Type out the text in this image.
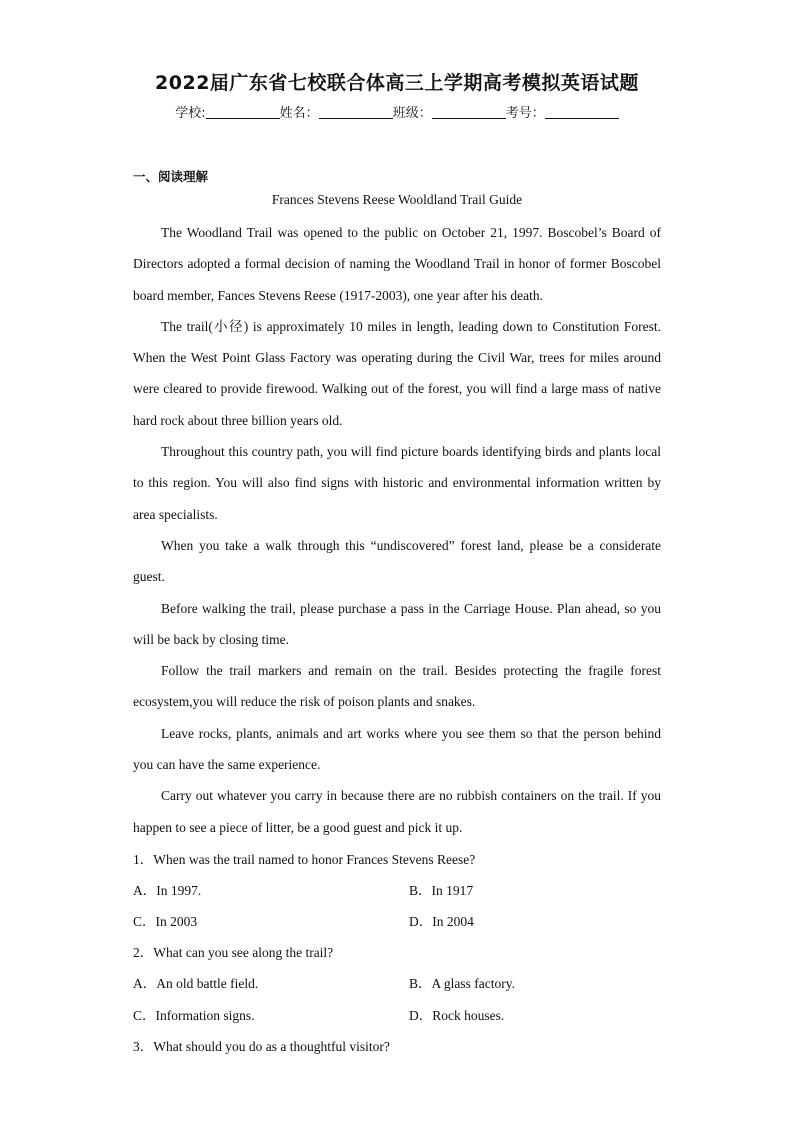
2022届广东省七校联合体高三上学期高考模拟英语试题
学校:	姓名：	班级：	考号：
一、阅读理解
Frances Stevens Reese Wooldland Trail Guide

The Woodland Trail was opened to the public on October 21, 1997. Boscobel’s Board of Directors adopted a formal decision of naming the Woodland Trail in honor of former Boscobel board member, Fances Stevens Reese (1917-2003), one year after his death.

The trail(小径) is approximately 10 miles in length, leading down to Constitution Forest. When the West Point Glass Factory was operating during the Civil War, trees for miles around were cleared to provide firewood. Walking out of the forest, you will find a large mass of native hard rock about three billion years old.

Throughout this country path, you will find picture boards identifying birds and plants local to this region. You will also find signs with historic and environmental information written by area specialists.

When you take a walk through this “undiscovered” forest land, please be a considerate guest.

Before walking the trail, please purchase a pass in the Carriage House. Plan ahead, so you will be back by closing time.

Follow the trail markers and remain on the trail. Besides protecting the fragile forest ecosystem,you will reduce the risk of poison plants and snakes.

Leave rocks, plants, animals and art works where you see them so that the person behind you can have the same experience.

Carry out whatever you carry in because there are no rubbish containers on the trail. If you happen to see a piece of litter, be a good guest and pick it up.

1．When was the trail named to honor Frances Stevens Reese?
A．In 1997.	B．In 1917
C．In 2003	D．In 2004
2．What can you see along the trail?
A．An old battle field.	B．A glass factory.
C．Information signs.	D．Rock houses.
3．What should you do as a thoughtful visitor?
